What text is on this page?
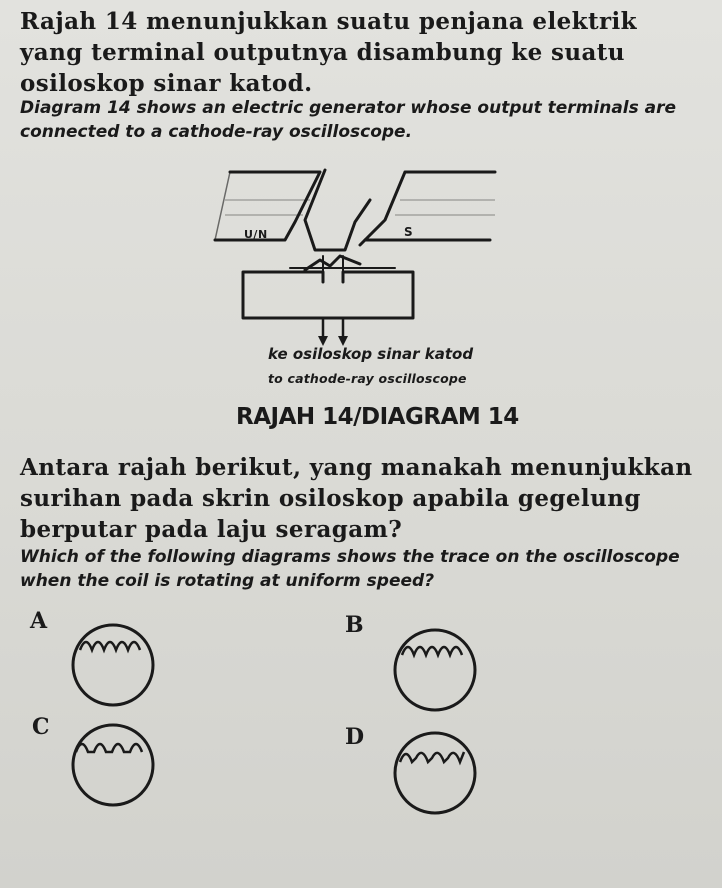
Rajah 14 menunjukkan suatu penjana elektrik yang terminal outputnya disambung ke suatu osiloskop sinar katod.

Diagram 14 shows an electric generator whose output terminals are connected to a cathode-ray oscilloscope.

U/N	S

ke osiloskop sinar katod

to cathode-ray oscilloscope

RAJAH 14/DIAGRAM 14

Antara rajah berikut, yang manakah menunjukkan surihan pada skrin osiloskop apabila gegelung berputar pada laju seragam?

Which of the following diagrams shows the trace on the oscilloscope when the coil is rotating at uniform speed?

A	B

C	D
